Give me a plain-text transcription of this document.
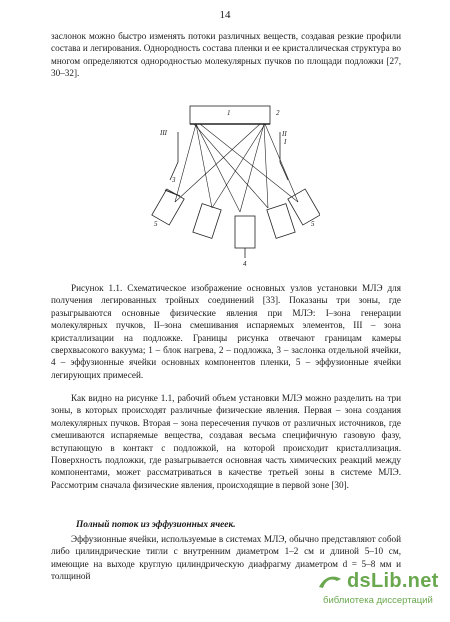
14

заслонок можно быстро изменять потоки различных веществ, создавая резкие профили состава и легирования. Однородность состава пленки и ее кристаллическая структура во многом определяются однородностью молекулярных пучков по площади подложки [27, 30–32].

1	2
III	II
I
3
5	5
4

Рисунок 1.1. Схематическое изображение основных узлов установки МЛЭ для получения легированных тройных соединений [33]. Показаны три зоны, где разыгрываются основные физические явления при МЛЭ: I–зона генерации молекулярных пучков, II–зона смешивания испаряемых элементов, III – зона кристаллизации на подложке. Границы рисунка отвечают границам камеры сверхвысокого вакуума; 1 – блок нагрева, 2 – подложка, 3 – заслонка отдельной ячейки, 4 – эффузионные ячейки основных компонентов пленки, 5 – эффузионные ячейки легирующих примесей.

Как видно на рисунке 1.1, рабочий объем установки МЛЭ можно разделить на три зоны, в которых происходят различные физические явления. Первая – зона создания молекулярных пучков. Вторая – зона пересечения пучков от различных источников, где смешиваются испаряемые вещества, создавая весьма специфичную газовую фазу, вступающую в контакт с подложкой, на которой происходит кристаллизация. Поверхность подложки, где разыгрывается основная часть химических реакций между компонентами, может рассматриваться в качестве третьей зоны в системе МЛЭ. Рассмотрим сначала физические явления, происходящие в первой зоне [30].

Полный поток из эффузионных ячеек.

Эффузионные ячейки, используемые в системах МЛЭ, обычно представляют собой либо цилиндрические тигли с внутренним диаметром 1–2 см и длиной 5–10 см, имеющие на выходе круглую цилиндрическую диафрагму диаметром d = 5–8 мм и толщиной	dsLib.net
библиотека диссертаций
